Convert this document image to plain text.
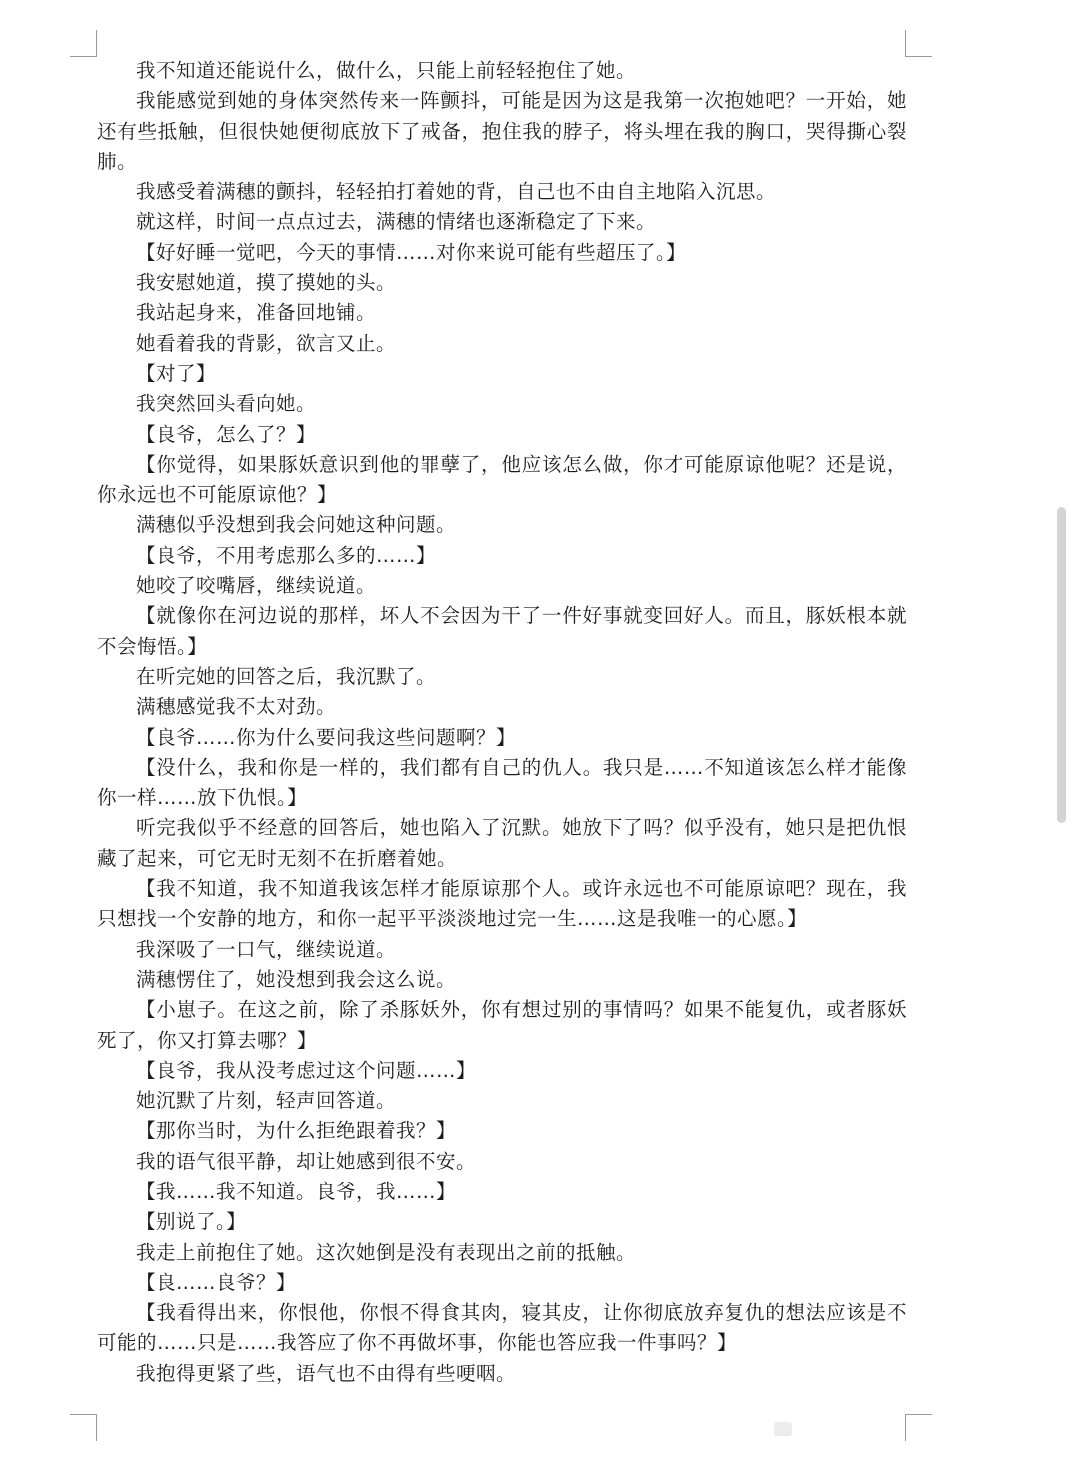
我不知道还能说什么，做什么，只能上前轻轻抱住了她。

我能感觉到她的身体突然传来一阵颤抖，可能是因为这是我第一次抱她吧？一开始，她还有些抵触，但很快她便彻底放下了戒备，抱住我的脖子，将头埋在我的胸口，哭得撕心裂肺。

我感受着满穗的颤抖，轻轻拍打着她的背，自己也不由自主地陷入沉思。

就这样，时间一点点过去，满穗的情绪也逐渐稳定了下来。

【好好睡一觉吧，今天的事情……对你来说可能有些超压了。】

我安慰她道，摸了摸她的头。

我站起身来，准备回地铺。

她看着我的背影，欲言又止。

【对了】

我突然回头看向她。

【良爷，怎么了？】

【你觉得，如果豚妖意识到他的罪孽了，他应该怎么做，你才可能原谅他呢？还是说，你永远也不可能原谅他？】

满穗似乎没想到我会问她这种问题。

【良爷，不用考虑那么多的……】

她咬了咬嘴唇，继续说道。

【就像你在河边说的那样，坏人不会因为干了一件好事就变回好人。而且，豚妖根本就不会悔悟。】

在听完她的回答之后，我沉默了。

满穗感觉我不太对劲。

【良爷……你为什么要问我这些问题啊？】

【没什么，我和你是一样的，我们都有自己的仇人。我只是……不知道该怎么样才能像你一样……放下仇恨。】

听完我似乎不经意的回答后，她也陷入了沉默。她放下了吗？似乎没有，她只是把仇恨藏了起来，可它无时无刻不在折磨着她。

【我不知道，我不知道我该怎样才能原谅那个人。或许永远也不可能原谅吧？现在，我只想找一个安静的地方，和你一起平平淡淡地过完一生……这是我唯一的心愿。】

我深吸了一口气，继续说道。

满穗愣住了，她没想到我会这么说。

【小崽子。在这之前，除了杀豚妖外，你有想过别的事情吗？如果不能复仇，或者豚妖死了，你又打算去哪？】

【良爷，我从没考虑过这个问题……】

她沉默了片刻，轻声回答道。

【那你当时，为什么拒绝跟着我？】

我的语气很平静，却让她感到很不安。

【我……我不知道。良爷，我……】

【别说了。】

我走上前抱住了她。这次她倒是没有表现出之前的抵触。

【良……良爷？】

【我看得出来，你恨他，你恨不得食其肉，寝其皮，让你彻底放弃复仇的想法应该是不可能的……只是……我答应了你不再做坏事，你能也答应我一件事吗？】

我抱得更紧了些，语气也不由得有些哽咽。
